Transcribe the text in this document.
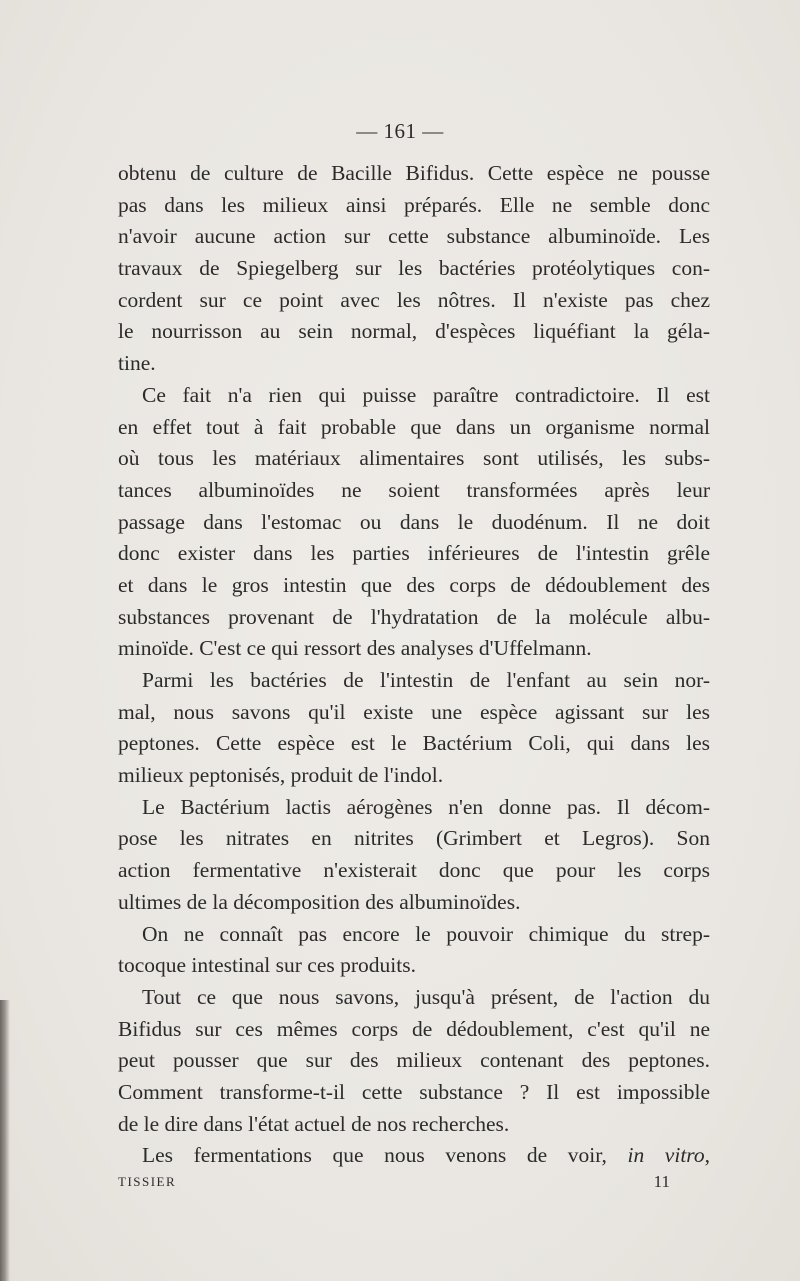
— 161 —
obtenu de culture de Bacille Bifidus. Cette espèce ne pousse
pas dans les milieux ainsi préparés. Elle ne semble donc
n'avoir aucune action sur cette substance albuminoïde. Les
travaux de Spiegelberg sur les bactéries protéolytiques con-
cordent sur ce point avec les nôtres. Il n'existe pas chez
le nourrisson au sein normal, d'espèces liquéfiant la géla-
tine.
Ce fait n'a rien qui puisse paraître contradictoire. Il est
en effet tout à fait probable que dans un organisme normal
où tous les matériaux alimentaires sont utilisés, les subs-
tances albuminoïdes ne soient transformées après leur
passage dans l'estomac ou dans le duodénum. Il ne doit
donc exister dans les parties inférieures de l'intestin grêle
et dans le gros intestin que des corps de dédoublement des
substances provenant de l'hydratation de la molécule albu-
minoïde. C'est ce qui ressort des analyses d'Uffelmann.
Parmi les bactéries de l'intestin de l'enfant au sein nor-
mal, nous savons qu'il existe une espèce agissant sur les
peptones. Cette espèce est le Bactérium Coli, qui dans les
milieux peptonisés, produit de l'indol.
Le Bactérium lactis aérogènes n'en donne pas. Il décom-
pose les nitrates en nitrites (Grimbert et Legros). Son
action fermentative n'existerait donc que pour les corps
ultimes de la décomposition des albuminoïdes.
On ne connaît pas encore le pouvoir chimique du strep-
tocoque intestinal sur ces produits.
Tout ce que nous savons, jusqu'à présent, de l'action du
Bifidus sur ces mêmes corps de dédoublement, c'est qu'il ne
peut pousser que sur des milieux contenant des peptones.
Comment transforme-t-il cette substance ? Il est impossible
de le dire dans l'état actuel de nos recherches.
Les fermentations que nous venons de voir, in vitro,
TISSIER	11
